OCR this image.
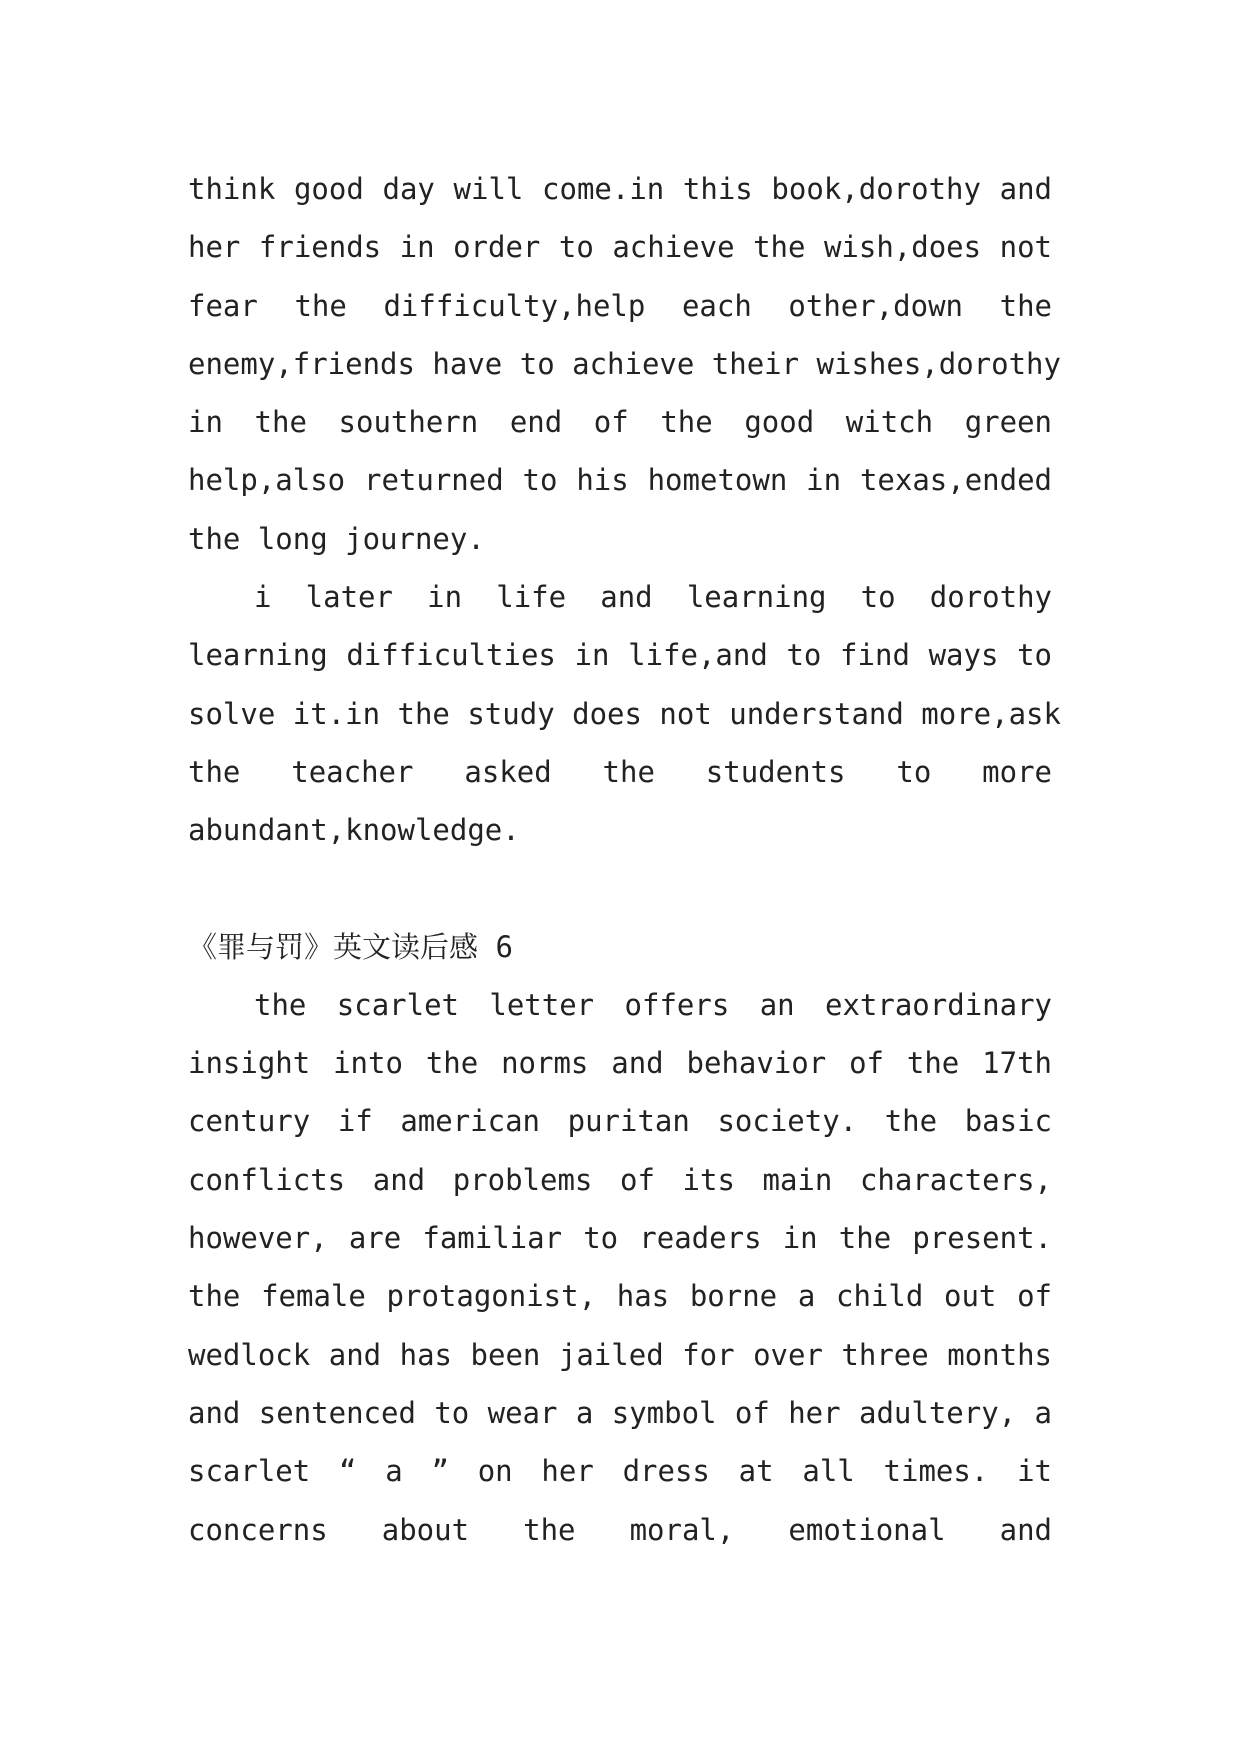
think good day will come.in this book,dorothy and
her friends in order to achieve the wish,does not
fear the difficulty,help each other,down the
enemy,friends have to achieve their wishes,dorothy
in the southern end of the good witch green
help,also returned to his hometown in texas,ended
the long journey.
i later in life and learning to dorothy
learning difficulties in life,and to find ways to
solve it.in the study does not understand more,ask
the teacher asked the students to more
abundant,knowledge.
《罪与罚》英文读后感 6
the scarlet letter offers an extraordinary
insight into the norms and behavior of the 17th
century if american puritan society. the basic
conflicts and problems of its main characters,
however, are familiar to readers in the present.
the female protagonist, has borne a child out of
wedlock and has been jailed for over three months
and sentenced to wear a symbol of her adultery, a
scarlet “ a ” on her dress at all times. it
concerns about the moral, emotional and
